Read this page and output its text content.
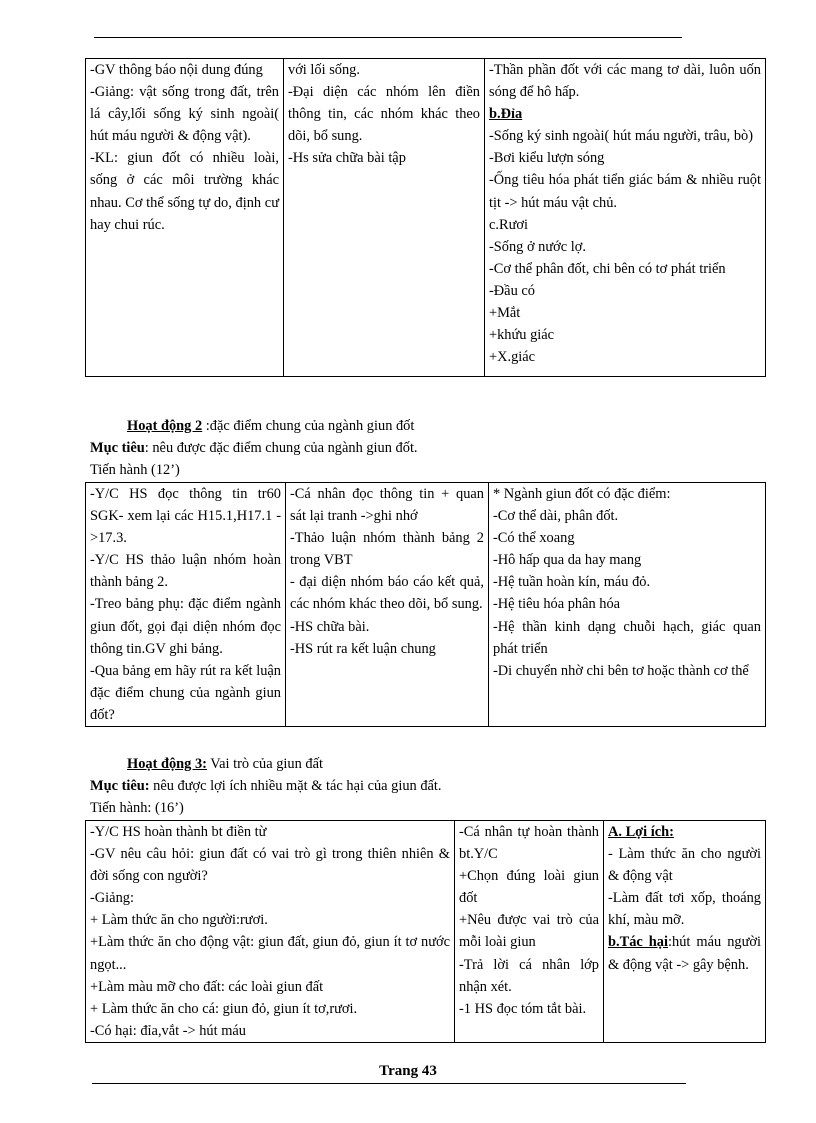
-GV thông báo nội dung đúng
-Giảng: vật sống trong đất, trên lá cây,lối sống ký sinh ngoài( hút máu người & động vật).
-KL: giun đốt có nhiều loài, sống ở các môi trường khác nhau. Cơ thể sống tự do, định cư hay chui rúc.

với lối sống.
-Đại diện các nhóm lên điền thông tin, các nhóm khác theo dõi, bổ sung.
-Hs sửa chữa bài tập

-Thần phần đốt với các mang tơ dài, luôn uốn sóng để hô hấp.
b.Đỉa
-Sống ký sinh ngoài( hút máu người, trâu, bò)
-Bơi kiểu lượn sóng
-Ống tiêu hóa phát tiển giác bám & nhiều ruột tịt -> hút máu vật chủ.
c.Rươi
-Sống ở nước lợ.
-Cơ thể phân đốt, chi bên có tơ phát triển
-Đầu có
+Mắt
+khứu giác
+X.giác
Hoạt động 2 :đặc điểm chung của ngành giun đốt
Mục tiêu: nêu được đặc điểm chung của ngành giun đốt.
Tiến hành (12’)
-Y/C HS đọc thông tin tr60 SGK- xem lại các H15.1,H17.1 ->17.3.
-Y/C HS thảo luận nhóm hoàn thành bảng 2.
-Treo bảng phụ: đặc điểm ngành giun đốt, gọi đại diện nhóm đọc thông tin.GV ghi bảng.
-Qua bảng em hãy rút ra kết luận đặc điểm chung của ngành giun đốt?

-Cá nhân đọc thông tin + quan sát lại tranh ->ghi nhớ
-Thảo luận nhóm thành bảng 2 trong VBT
- đại diện nhóm báo cáo kết quả, các nhóm khác theo dõi, bổ sung.
-HS chữa bài.
-HS rút ra kết luận chung

* Ngành giun đốt có đặc điểm:
-Cơ thể dài, phân đốt.
-Có thể xoang
-Hô hấp qua da hay mang
-Hệ tuần hoàn kín, máu đỏ.
-Hệ tiêu hóa phân hóa
-Hệ thần kinh dạng chuỗi hạch, giác quan phát triển
-Di chuyển nhờ chi bên tơ hoặc thành cơ thể
Hoạt động 3: Vai trò của giun đất
Mục tiêu: nêu được lợi ích nhiều mặt & tác hại của giun đất.
Tiến hành: (16’)
-Y/C HS hoàn thành bt điền từ
-GV nêu câu hỏi: giun đất có vai trò gì trong thiên nhiên & đời sống con người?
-Giảng:
+ Làm thức ăn cho người:rươi.
+Làm thức ăn cho động vật: giun đất, giun đỏ, giun ít tơ nước ngọt...
+Làm màu mỡ cho đất: các loài giun đất
+ Làm thức ăn cho cá: giun đỏ, giun ít tơ,rươi.
-Có hại: đỉa,vắt -> hút máu

-Cá nhân tự hoàn thành bt.Y/C
+Chọn đúng loài giun đốt
+Nêu được vai trò của mỗi loài giun
-Trả lời cá nhân lớp nhận xét.
-1 HS đọc tóm tắt bài.

A. Lợi ích:
- Làm thức ăn cho người & động vật
-Làm đất tơi xốp, thoáng khí, màu mỡ.
b.Tác hại:hút máu người & động vật -> gây bệnh.
Trang 43
